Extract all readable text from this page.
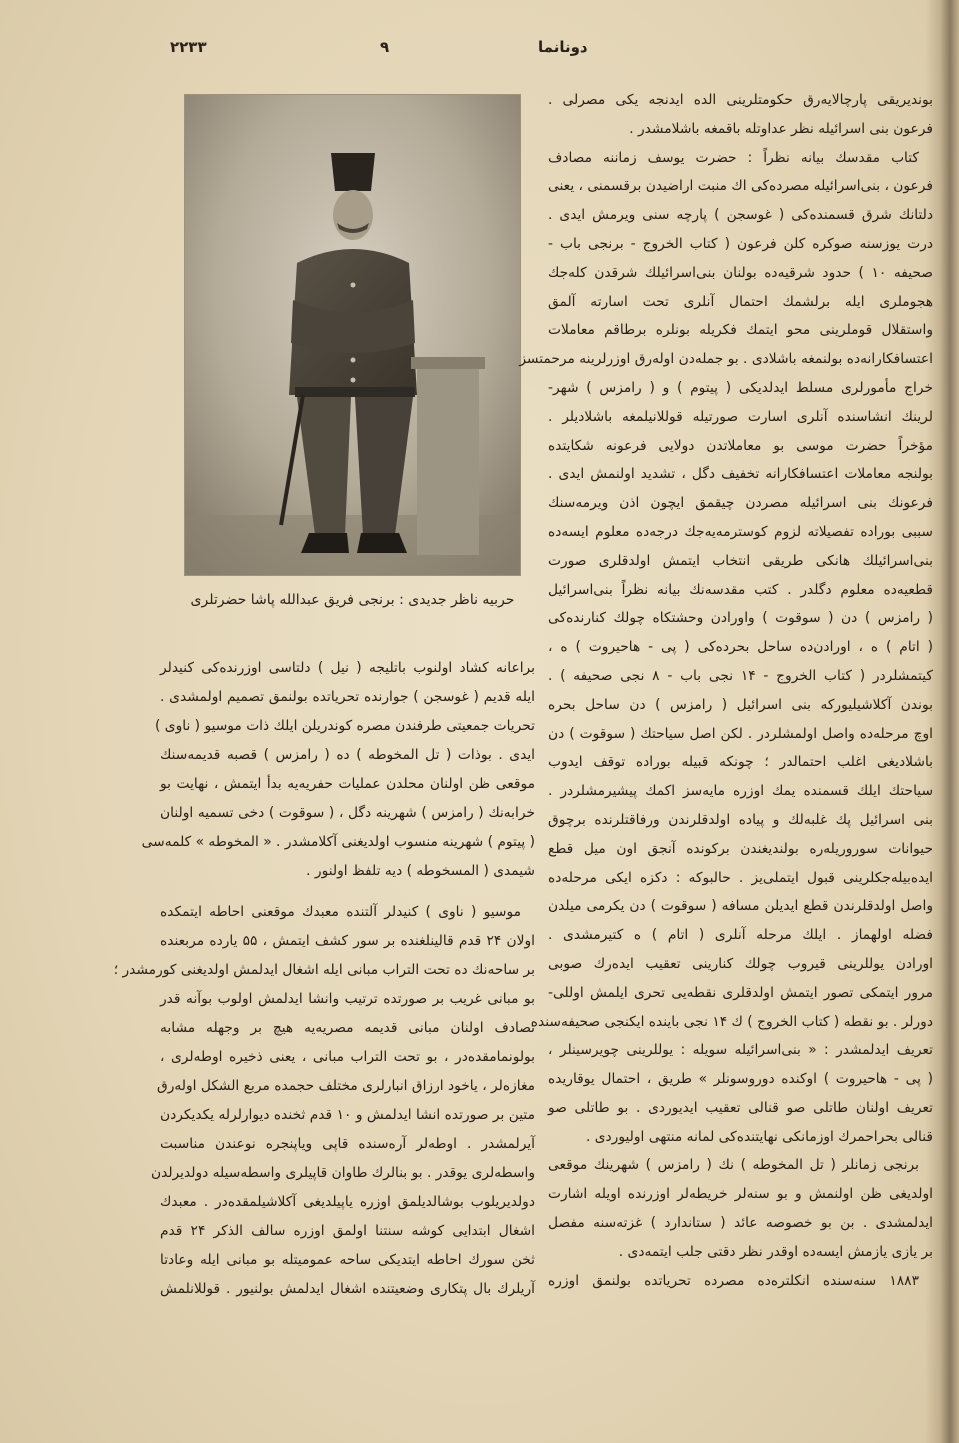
۲۲۳۳	۹	دونانما
حربیه ناظر جدیدی : برنجی فریق عبدالله پاشا حضرتلری
بوندیریقی پارچالایه‌رق حکومتلرینی الده ایدنجه یکی مصرلی .
فرعون بنی اسرائیله نظر عداوتله باقمغه باشلامشدر .
کتاب مقدسك بیانه نظراً : حضرت یوسف زماننه مصادف
فرعون ، بنی‌اسرائیله مصرده‌کی اك منبت اراضیدن برقسمنی ، یعنی
دلتانك شرق قسمنده‌کی ( غوسجن ) پارچه‌ سنی ویرمش ایدی .
درت یوزسنه صوکره کلن فرعون ( کتاب الخروج - برنجی باب -
صحیفه ۱۰ ) حدود شرقیه‌ده بولنان بنی‌اسرائیلك شرقدن کله‌جك
هجوملری ایله برلشمك احتمال آنلری تحت اسارته آلمق
واستقلال قوملرینی محو ایتمك فکریله بونلره برطاقم معاملات
اعتسافکارانه‌ده بولنمغه باشلادی . بو جمله‌دن اوله‌رق اوزرلرینه مرحمتسز
خراج مأمورلری مسلط ایدلدیکی ( پیتوم ) و ( رامزس ) شهر-
لرینك انشاسنده آنلری اسارت صورتیله قوللانیلمغه باشلادیلر .
مؤخراً حضرت موسی بو معاملاتدن دولایی فرعونه شکایتده
بولنجه معاملات اعتسافکارانه تخفیف دگل ، تشدید اولنمش ایدی .
فرعونك بنی اسرائیله مصردن چیقمق ایچون اذن ویرمه‌سنك
سببی بوراده تفصیلاته لزوم کوسترمه‌یه‌جك درجه‌ده معلوم ایسه‌ده
بنی‌اسرائیلك هانکی طریقی انتخاب ایتمش اولدقلری صورت
قطعیه‌ده معلوم دگلدر . کتب مقدسه‌نك بیانه نظراً بنی‌اسرائیل
( رامزس ) دن ( سوقوت ) واورادن وحشتكاه چولك کنارنده‌کی
( اتام ) ه ، اورادن‌ده ساحل بحرده‌کی ( پی - هاحیروت ) ه ،
کیتمشلردر ( کتاب الخروج - ۱۴ نجی باب - ۸ نجی صحیفه ) .
بوندن آکلاشیلیورکه بنی اسرائیل ( رامزس ) دن ساحل بحره
اوچ مرحله‌ده واصل اولمشلردر . لکن اصل سیاحتك ( سوقوت ) دن
باشلادیغی اغلب احتمالدر ؛ چونکه قبیله بوراده توقف ایدوب
سیاحتك ایلك قسمنده یمك اوزره مایه‌سز اکمك پیشیرمشلردر .
بنی اسرائیل پك غلبه‌لك و پیاده اولدقلرندن ورفاقتلرنده برچوق
حیوانات سوروریله‌ره بولندیغندن برکونده آنجق اون میل قطع
ایده‌بیله‌جکلرینی قبول ایتملی‌یز . حالبوکه : دکزه ایکی مرحله‌ده
واصل اولدقلرندن قطع ایدیلن مسافه ( سوقوت ) دن یکرمی میلدن
فضله اولهماز . ایلك مرحله آنلری ( اتام ) ه کتیرمشدی .
اورادن یوللرینی قیروب چولك کنارینی تعقیب ایده‌رك صوبی
مرور ایتمکی تصور ایتمش اولدقلری نقطه‌یی تحری ایلمش اوللی-
دورلر . بو نقطه ( کتاب الخروج ) ك ۱۴ نجی باینده ایکنجی صحیفه‌سنده
تعریف ایدلمشدر : « بنی‌اسرائیله سویله : یوللرینی چویرسینلر ،
( پی - هاحیروت ) اوکنده دوروسونلر » طریق ، احتمال یوقاریده
تعریف اولنان طاتلی صو قنالی تعقیب ایدیوردی . بو طاتلی صو
قنالی بحراحمرك اوزمانکی نهایتنده‌کی لمانه منتهی اولیوردی .
برنجی زمانلر ( تل المخوطه ) نك ( رامزس ) شهرینك موقعی
اولدیغی ظن اولنمش و بو سنه‌لر خریطه‌لر اوزرنده اویله اشارت
ایدلمشدی . بن بو خصوصه عائد ( ستاندارد ) غزته‌سنه مفصل
بر یازی یازمش ایسه‌ده اوقدر نظر دقتی جلب ایتمه‌دی .
۱۸۸۳ سنه‌سنده انکلتره‌ده مصرده تحریاتده بولنمق اوزره
براعانه کشاد اولنوب باتلیجه ( نیل ) دلتاسی اوزرنده‌کی کنیدلر
ایله قدیم ( غوسجن ) جوارنده تحریاتده بولنمق تصمیم اولمشدی .
تحریات جمعیتی طرفندن مصره کوندریلن ایلك ذات موسیو ( ناوی )
ایدی . بوذات ( تل المخوطه ) ده ( رامزس ) قصبه‌ قدیمه‌سنك
موقعی ظن اولنان محلدن عملیات حفریه‌یه بدأ ایتمش ، نهایت بو
خرابه‌نك ( رامزس ) شهرینه دگل ، ( سوقوت ) دخی تسمیه اولنان
( پیتوم ) شهرینه منسوب اولدیغنی آکلامشدر . « المخوطه » کلمه‌سی
شیمدی ( المسخوطه ) دیه تلفظ اولنور .
موسیو ( ناوی ) کنیدلر آلتنده معبدك موقعنی احاطه ایتمکده
اولان ۲۴ قدم قالینلغنده بر سور کشف ایتمش ، ۵۵ یارده مربعنده
بر ساحه‌نك ده تحت التراب مبانی ایله اشغال ایدلمش اولدیغنی کورمشدر ؛
بو مبانی غریب بر صورتده ترتیب وانشا ایدلمش اولوب بوآنه قدر
تصادف اولنان مبانی قدیمه مصریه‌یه هیچ بر وجهله مشابه
بولونمامقده‌در ، بو تحت التراب مبانی ، یعنی ذخیره اوطه‌لری ،
مغازه‌لر ، یاخود ارزاق انبارلری مختلف حجمده مربع الشکل اوله‌رق
متین بر صورتده انشا ایدلمش و ۱۰ قدم ثخنده دیوارلرله یکدیکردن
آیرلمشدر . اوطه‌لر آره‌سنده قاپی ویاپنجره نوعندن مناسبت
واسطه‌لری یوقدر . بو بنالرك طاوان قاپیلری واسطه‌سیله دولدیرلدن
دولدیریلوب بوشالدیلمق اوزره یاپیلدیغی آکلاشیلمقده‌در . معبدك
اشغال ابتدایی کوشه‌ سنتنا اولمق اوزره سالف الذکر ۲۴ قدم
ثخن سورك احاطه ایتدیکی ساحه عمومیتله بو مبانی ایله وعادتا
آریلرك بال پتکاری وضعیتنده اشغال ایدلمش بولنیور . قوللانلمش
